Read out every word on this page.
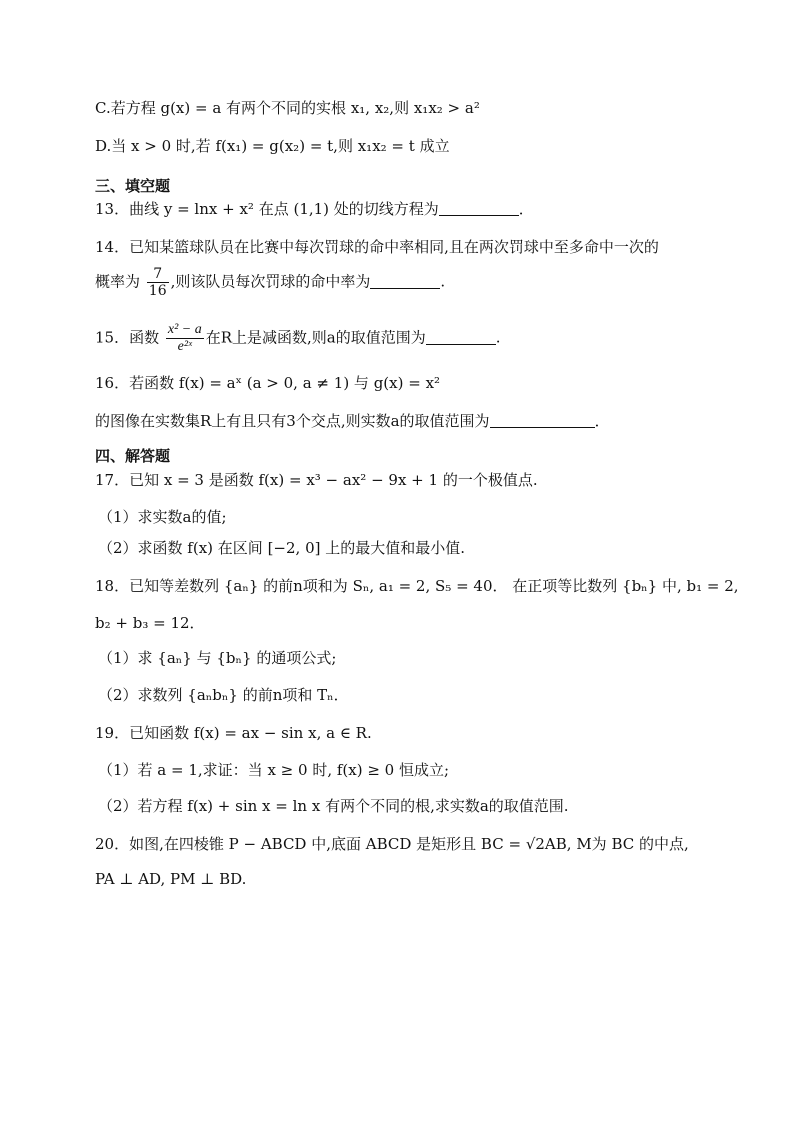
C.若方程 g(x) = a 有两个不同的实根 x₁, x₂,则 x₁x₂ > a²
D.当 x > 0 时,若 f(x₁) = g(x₂) = t,则 x₁x₂ = t 成立
三、填空题
13．曲线 y = lnx + x² 在点 (1,1) 处的切线方程为	．
14．已知某篮球队员在比赛中每次罚球的命中率相同,且在两次罚球中至多命中一次的
概率为 $\frac{7}{16}$ ,则该队员每次罚球的命中率为	.
15．函数 $\frac{\text{x² − a}}{\text{e²ˣ}}$ 在R上是减函数,则a的取值范围为	.
16．若函数 f(x) = aˣ (a > 0, a ≠ 1) 与 g(x) = x²
的图像在实数集R上有且只有3个交点,则实数a的取值范围为	．
四、解答题
17．已知 x = 3 是函数 f(x) = x³ − ax² − 9x + 1 的一个极值点.
（1）求实数a的值;
（2）求函数 f(x) 在区间 [−2, 0] 上的最大值和最小值.
18．已知等差数列 {aₙ} 的前n项和为 Sₙ, a₁ = 2, S₅ = 40． 在正项等比数列 {bₙ} 中, b₁ = 2,
b₂ + b₃ = 12．
（1）求 {aₙ} 与 {bₙ} 的通项公式;
（2）求数列 {aₙbₙ} 的前n项和 Tₙ．
19．已知函数 f(x) = ax − sin x, a ∈ R.
（1）若 a = 1,求证：当 x ≥ 0 时, f(x) ≥ 0 恒成立;
（2）若方程 f(x) + sin x = ln x 有两个不同的根,求实数a的取值范围.
20．如图,在四棱锥 P − ABCD 中,底面 ABCD 是矩形且 BC = √2AB, M为 BC 的中点,
PA ⊥ AD, PM ⊥ BD.
